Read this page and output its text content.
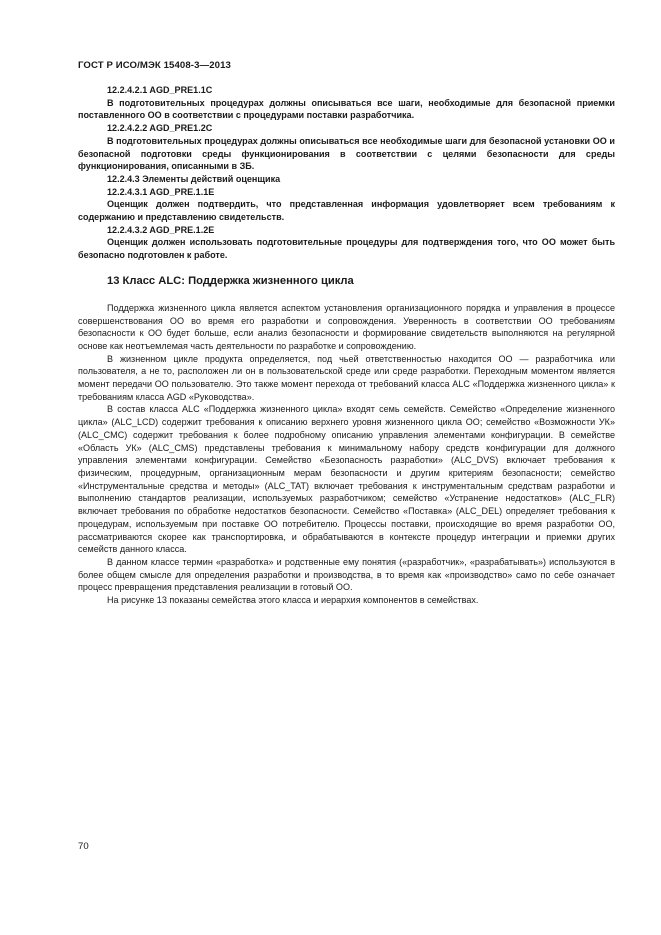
ГОСТ Р ИСО/МЭК 15408-3—2013

12.2.4.2.1 AGD_PRE1.1C

В подготовительных процедурах должны описываться все шаги, необходимые для безопасной приемки поставленного ОО в соответствии с процедурами поставки разработчика.

12.2.4.2.2 AGD_PRE1.2C

В подготовительных процедурах должны описываться все необходимые шаги для безопасной установки ОО и безопасной подготовки среды функционирования в соответствии с целями безопасности для среды функционирования, описанными в ЗБ.

12.2.4.3 Элементы действий оценщика

12.2.4.3.1 AGD_PRE.1.1E

Оценщик должен подтвердить, что представленная информация удовлетворяет всем требованиям к содержанию и представлению свидетельств.

12.2.4.3.2 AGD_PRE.1.2E

Оценщик должен использовать подготовительные процедуры для подтверждения того, что ОО может быть безопасно подготовлен к работе.

13 Класс ALC: Поддержка жизненного цикла

Поддержка жизненного цикла является аспектом установления организационного порядка и управления в процессе совершенствования ОО во время его разработки и сопровождения. Уверенность в соответствии ОО требованиям безопасности к ОО будет больше, если анализ безопасности и формирование свидетельств выполняются на регулярной основе как неотъемлемая часть деятельности по разработке и сопровождению.

В жизненном цикле продукта определяется, под чьей ответственностью находится ОО — разработчика или пользователя, а не то, расположен ли он в пользовательской среде или среде разработки. Переходным моментом является момент передачи ОО пользователю. Это также момент перехода от требований класса ALC «Поддержка жизненного цикла» к требованиям класса AGD «Руководства».

В состав класса ALC «Поддержка жизненного цикла» входят семь семейств. Семейство «Определение жизненного цикла» (ALC_LCD) содержит требования к описанию верхнего уровня жизненного цикла ОО; семейство «Возможности УК» (ALC_CMC) содержит требования к более подробному описанию управления элементами конфигурации. В семействе «Область УК» (ALC_CMS) представлены требования к минимальному набору средств конфигурации для должного управления элементами конфигурации. Семейство «Безопасность разработки» (ALC_DVS) включает требования к физическим, процедурным, организационным мерам безопасности и другим критериям безопасности; семейство «Инструментальные средства и методы» (ALC_TAT) включает требования к инструментальным средствам разработки и выполнению стандартов реализации, используемых разработчиком; семейство «Устранение недостатков» (ALC_FLR) включает требования по обработке недостатков безопасности. Семейство «Поставка» (ALC_DEL) определяет требования к процедурам, используемым при поставке ОО потребителю. Процессы поставки, происходящие во время разработки ОО, рассматриваются скорее как транспортировка, и обрабатываются в контексте процедур интеграции и приемки других семейств данного класса.

В данном классе термин «разработка» и родственные ему понятия («разработчик», «разрабатывать») используются в более общем смысле для определения разработки и производства, в то время как «производство» само по себе означает процесс превращения представления реализации в готовый ОО.

На рисунке 13 показаны семейства этого класса и иерархия компонентов в семействах.

70
